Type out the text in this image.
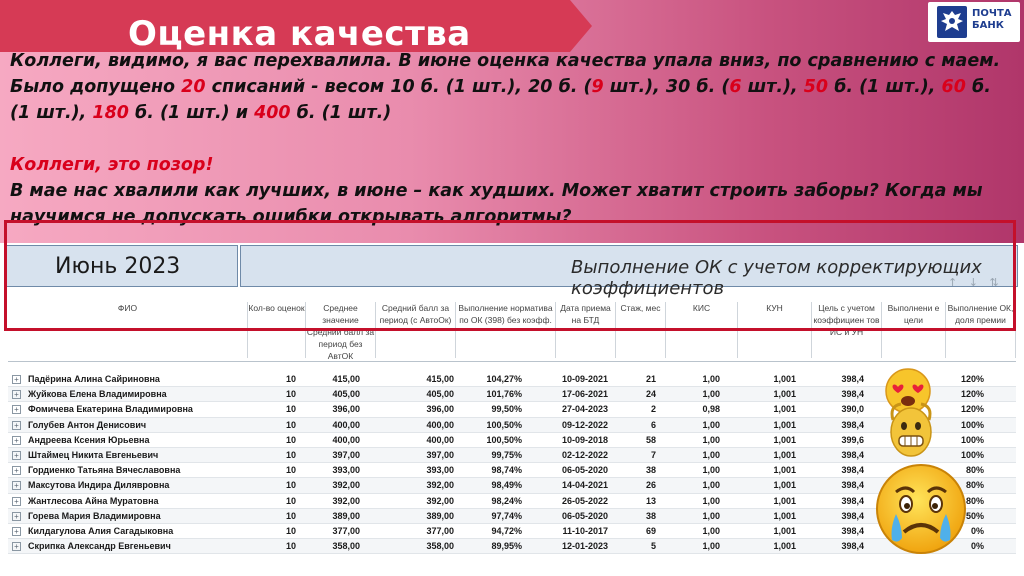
Оценка качества
ПОЧТА
БАНК
Коллеги, видимо, я вас перехвалила. В июне оценка качества упала вниз, по сравнению с маем. Было допущено 20 списаний - весом 10 б. (1 шт.), 20 б. (9 шт.), 30 б. (6 шт.), 50 б. (1 шт.), 60 б. (1 шт.), 180 б. (1 шт.) и 400 б. (1 шт.)
Коллеги, это позор!
В мае нас хвалили как лучших, в июне – как худших. Может хватит строить заборы? Когда мы научимся не допускать ошибки открывать алгоритмы?
Июнь 2023	Выполнение ОК с учетом корректирующих коэффициентов	↑ ↓ ⇅
ФИО	Кол-во оценок	Среднее значение Средний балл за период без АвтОК
Средний балл за период (с АвтоОк)
Выполнение норматива по ОК (398) без коэфф.
Дата приема на БТД
Стаж, мес	КИС	КУН	Цель с учетом коэффициен тов ИС и УН
Выполнени е цели
Выполнение ОК, доля премии
+ Падёрина Алина Сайриновна	10	415,00	415,00	104,27%	10-09-2021	21	1,00	1,001	398,4	120%
+ Жуйкова Елена Владимировна	10	405,00	405,00	101,76%	17-06-2021	24	1,00	1,001	398,4	120%
+ Фомичева Екатерина Владимировна	10	396,00	396,00	99,50%	27-04-2023	2	0,98	1,001	390,0	120%
+ Голубев Антон Денисович	10	400,00	400,00	100,50%	09-12-2022	6	1,00	1,001	398,4	100%
+ Андреева Ксения Юрьевна	10	400,00	400,00	100,50%	10-09-2018	58	1,00	1,001	399,6	100%
+ Штаймец Никита Евгеньевич	10	397,00	397,00	99,75%	02-12-2022	7	1,00	1,001	398,4	100%
+ Гордиенко Татьяна Вячеславовна	10	393,00	393,00	98,74%	06-05-2020	38	1,00	1,001	398,4	80%
+ Максутова Индира Дилявровна	10	392,00	392,00	98,49%	14-04-2021	26	1,00	1,001	398,4	80%
+ Жантлесова Айна Муратовна	10	392,00	392,00	98,24%	26-05-2022	13	1,00	1,001	398,4	80%
+ Горева Мария Владимировна	10	389,00	389,00	97,74%	06-05-2020	38	1,00	1,001	398,4	50%
+ Килдагулова Алия Сагадыковна	10	377,00	377,00	94,72%	11-10-2017	69	1,00	1,001	398,4	0%
+ Скрипка Александр Евгеньевич	10	358,00	358,00	89,95%	12-01-2023	5	1,00	1,001	398,4	0%
